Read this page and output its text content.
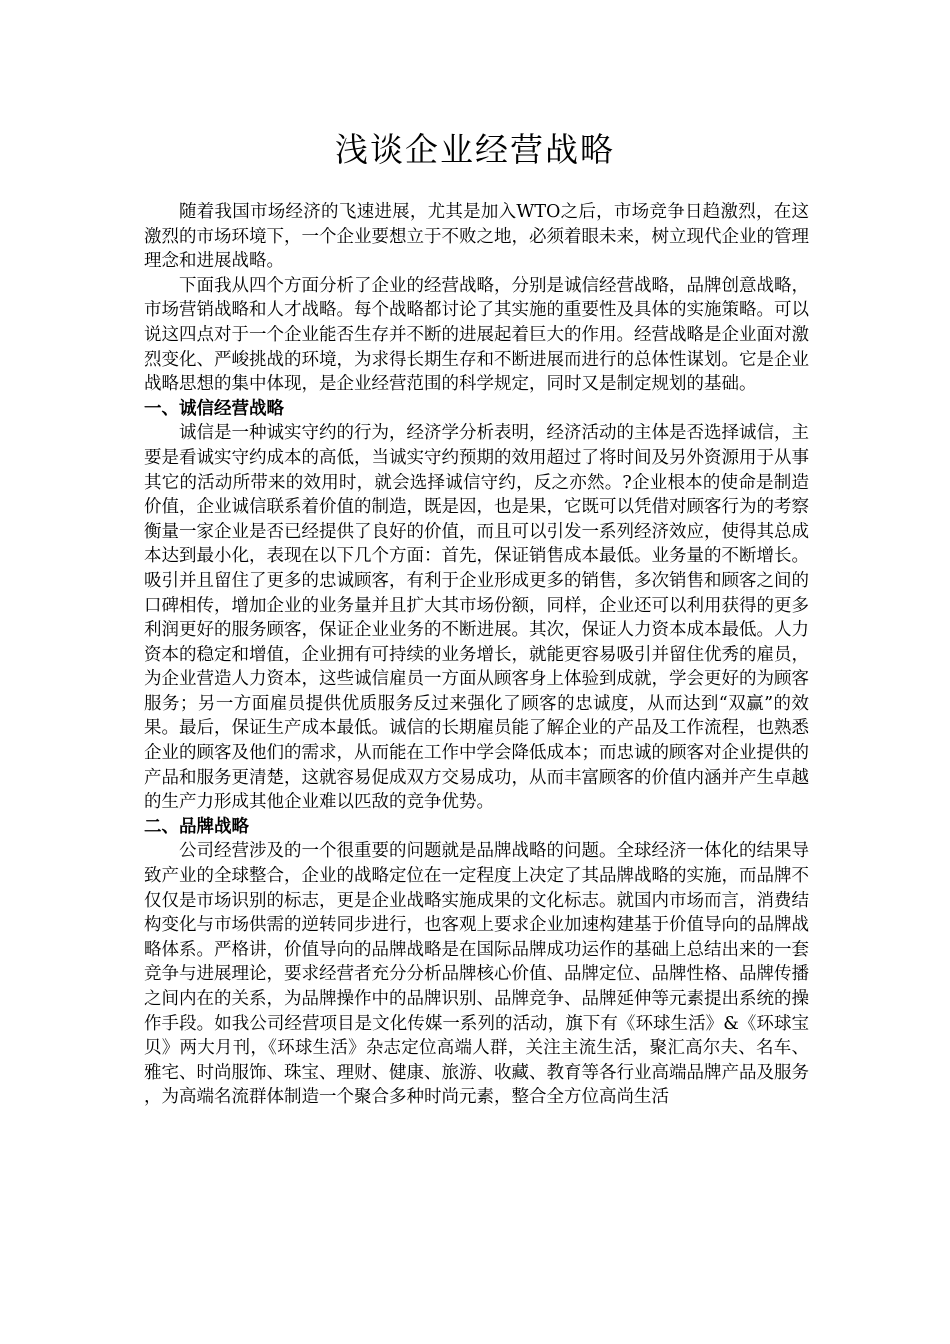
浅谈企业经营战略

随着我国市场经济的飞速进展，尤其是加入WTO之后，市场竞争日趋激烈，在这激烈的市场环境下，一个企业要想立于不败之地，必须着眼未来，树立现代企业的管理理念和进展战略。

下面我从四个方面分析了企业的经营战略，分别是诚信经营战略，品牌创意战略，市场营销战略和人才战略。每个战略都讨论了其实施的重要性及具体的实施策略。可以说这四点对于一个企业能否生存并不断的进展起着巨大的作用。经营战略是企业面对激烈变化、严峻挑战的环境，为求得长期生存和不断进展而进行的总体性谋划。它是企业战略思想的集中体现，是企业经营范围的科学规定，同时又是制定规划的基础。

一、诚信经营战略

诚信是一种诚实守约的行为，经济学分析表明，经济活动的主体是否选择诚信，主要是看诚实守约成本的高低，当诚实守约预期的效用超过了将时间及另外资源用于从事其它的活动所带来的效用时，就会选择诚信守约，反之亦然。?企业根本的使命是制造价值，企业诚信联系着价值的制造，既是因，也是果，它既可以凭借对顾客行为的考察衡量一家企业是否已经提供了良好的价值，而且可以引发一系列经济效应，使得其总成本达到最小化，表现在以下几个方面：首先，保证销售成本最低。业务量的不断增长。吸引并且留住了更多的忠诚顾客，有利于企业形成更多的销售，多次销售和顾客之间的口碑相传，增加企业的业务量并且扩大其市场份额，同样，企业还可以利用获得的更多利润更好的服务顾客，保证企业业务的不断进展。其次，保证人力资本成本最低。人力资本的稳定和增值，企业拥有可持续的业务增长，就能更容易吸引并留住优秀的雇员，为企业营造人力资本，这些诚信雇员一方面从顾客身上体验到成就，学会更好的为顾客服务；另一方面雇员提供优质服务反过来强化了顾客的忠诚度，从而达到“双赢”的效果。最后，保证生产成本最低。诚信的长期雇员能了解企业的产品及工作流程，也熟悉企业的顾客及他们的需求，从而能在工作中学会降低成本；而忠诚的顾客对企业提供的产品和服务更清楚，这就容易促成双方交易成功，从而丰富顾客的价值内涵并产生卓越的生产力形成其他企业难以匹敌的竞争优势。

二、品牌战略

公司经营涉及的一个很重要的问题就是品牌战略的问题。全球经济一体化的结果导致产业的全球整合，企业的战略定位在一定程度上决定了其品牌战略的实施，而品牌不仅仅是市场识别的标志，更是企业战略实施成果的文化标志。就国内市场而言，消费结构变化与市场供需的逆转同步进行，也客观上要求企业加速构建基于价值导向的品牌战略体系。严格讲，价值导向的品牌战略是在国际品牌成功运作的基础上总结出来的一套竞争与进展理论，要求经营者充分分析品牌核心价值、品牌定位、品牌性格、品牌传播之间内在的关系，为品牌操作中的品牌识别、品牌竞争、品牌延伸等元素提出系统的操作手段。如我公司经营项目是文化传媒一系列的活动，旗下有《环球生活》&《环球宝贝》两大月刊，《环球生活》杂志定位高端人群，关注主流生活，聚汇高尔夫、名车、雅宅、时尚服饰、珠宝、理财、健康、旅游、收藏、教育等各行业高端品牌产品及服务，为高端名流群体制造一个聚合多种时尚元素，整合全方位高尚生活
